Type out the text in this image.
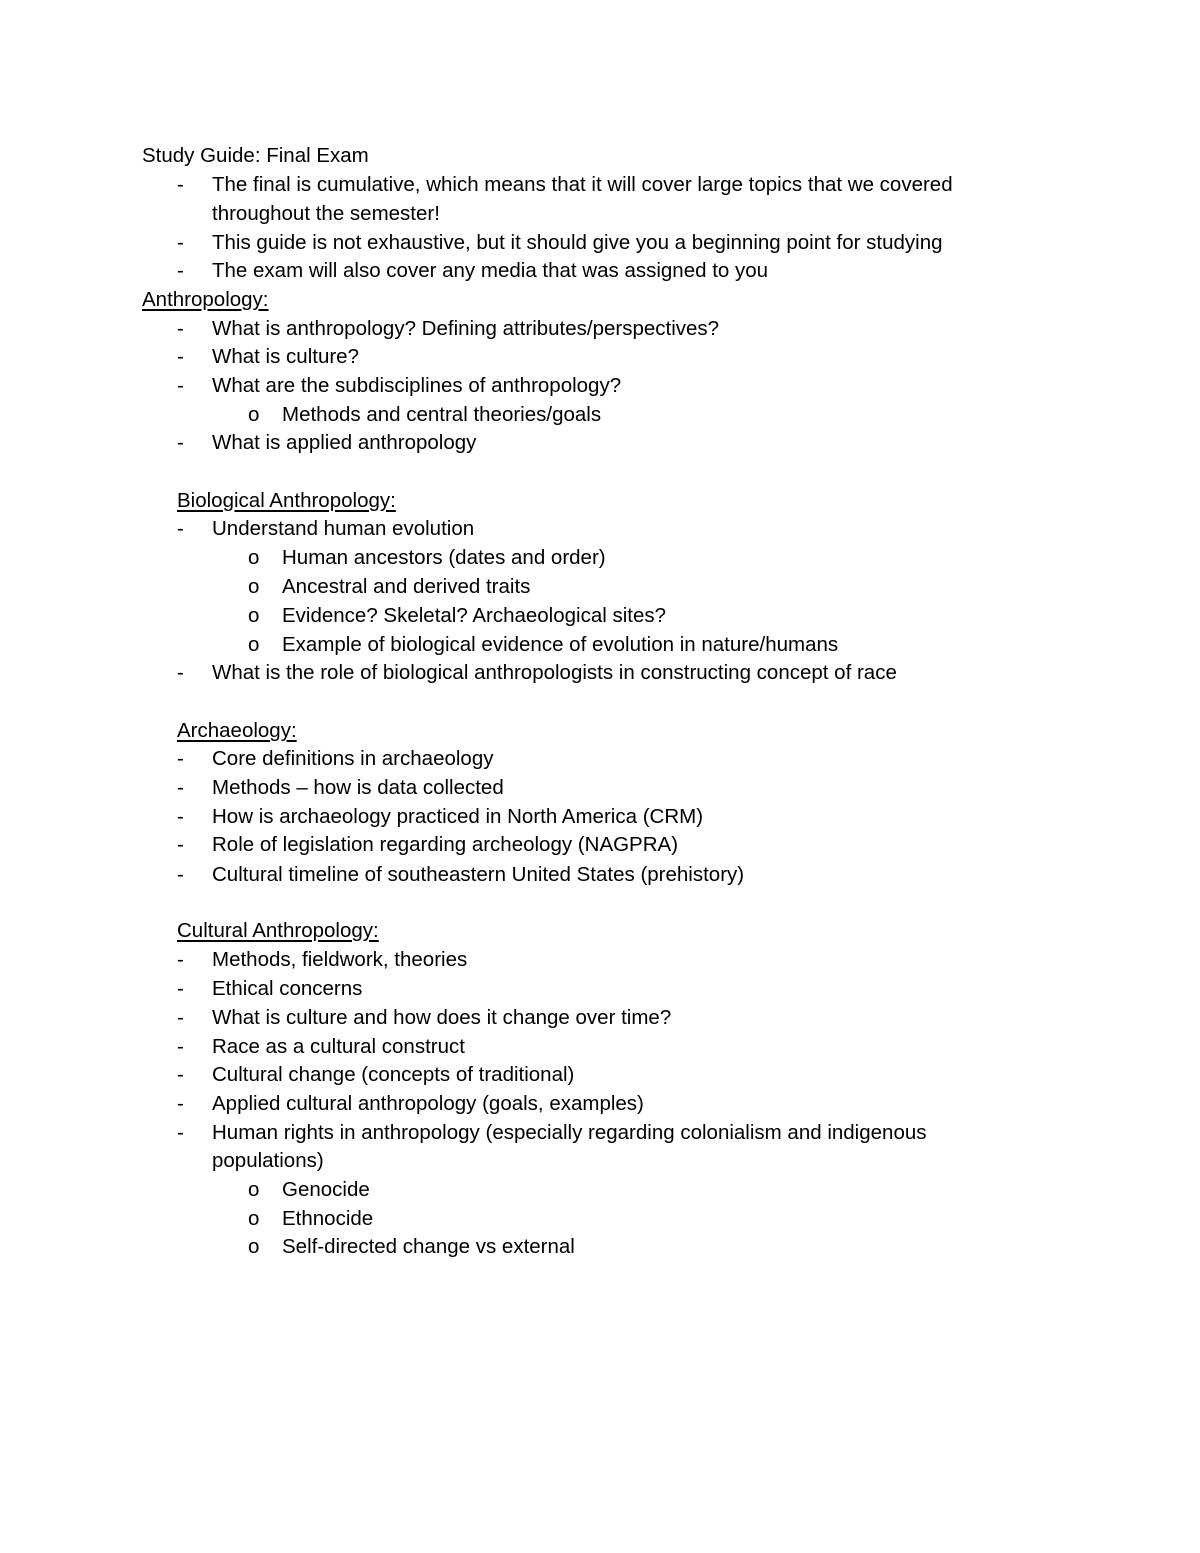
Study Guide: Final Exam
- The final is cumulative, which means that it will cover large topics that we covered
throughout the semester!
- This guide is not exhaustive, but it should give you a beginning point for studying
- The exam will also cover any media that was assigned to you
Anthropology:
- What is anthropology? Defining attributes/perspectives?
- What is culture?
- What are the subdisciplines of anthropology?
o Methods and central theories/goals
- What is applied anthropology
Biological Anthropology:
- Understand human evolution
o Human ancestors (dates and order)
o Ancestral and derived traits
o Evidence? Skeletal? Archaeological sites?
o Example of biological evidence of evolution in nature/humans
- What is the role of biological anthropologists in constructing concept of race
Archaeology:
- Core definitions in archaeology
- Methods – how is data collected
- How is archaeology practiced in North America (CRM)
- Role of legislation regarding archeology (NAGPRA)
- Cultural timeline of southeastern United States (prehistory)
Cultural Anthropology:
- Methods, fieldwork, theories
- Ethical concerns
- What is culture and how does it change over time?
- Race as a cultural construct
- Cultural change (concepts of traditional)
- Applied cultural anthropology (goals, examples)
- Human rights in anthropology (especially regarding colonialism and indigenous
populations)
o Genocide
o Ethnocide
o Self-directed change vs external
